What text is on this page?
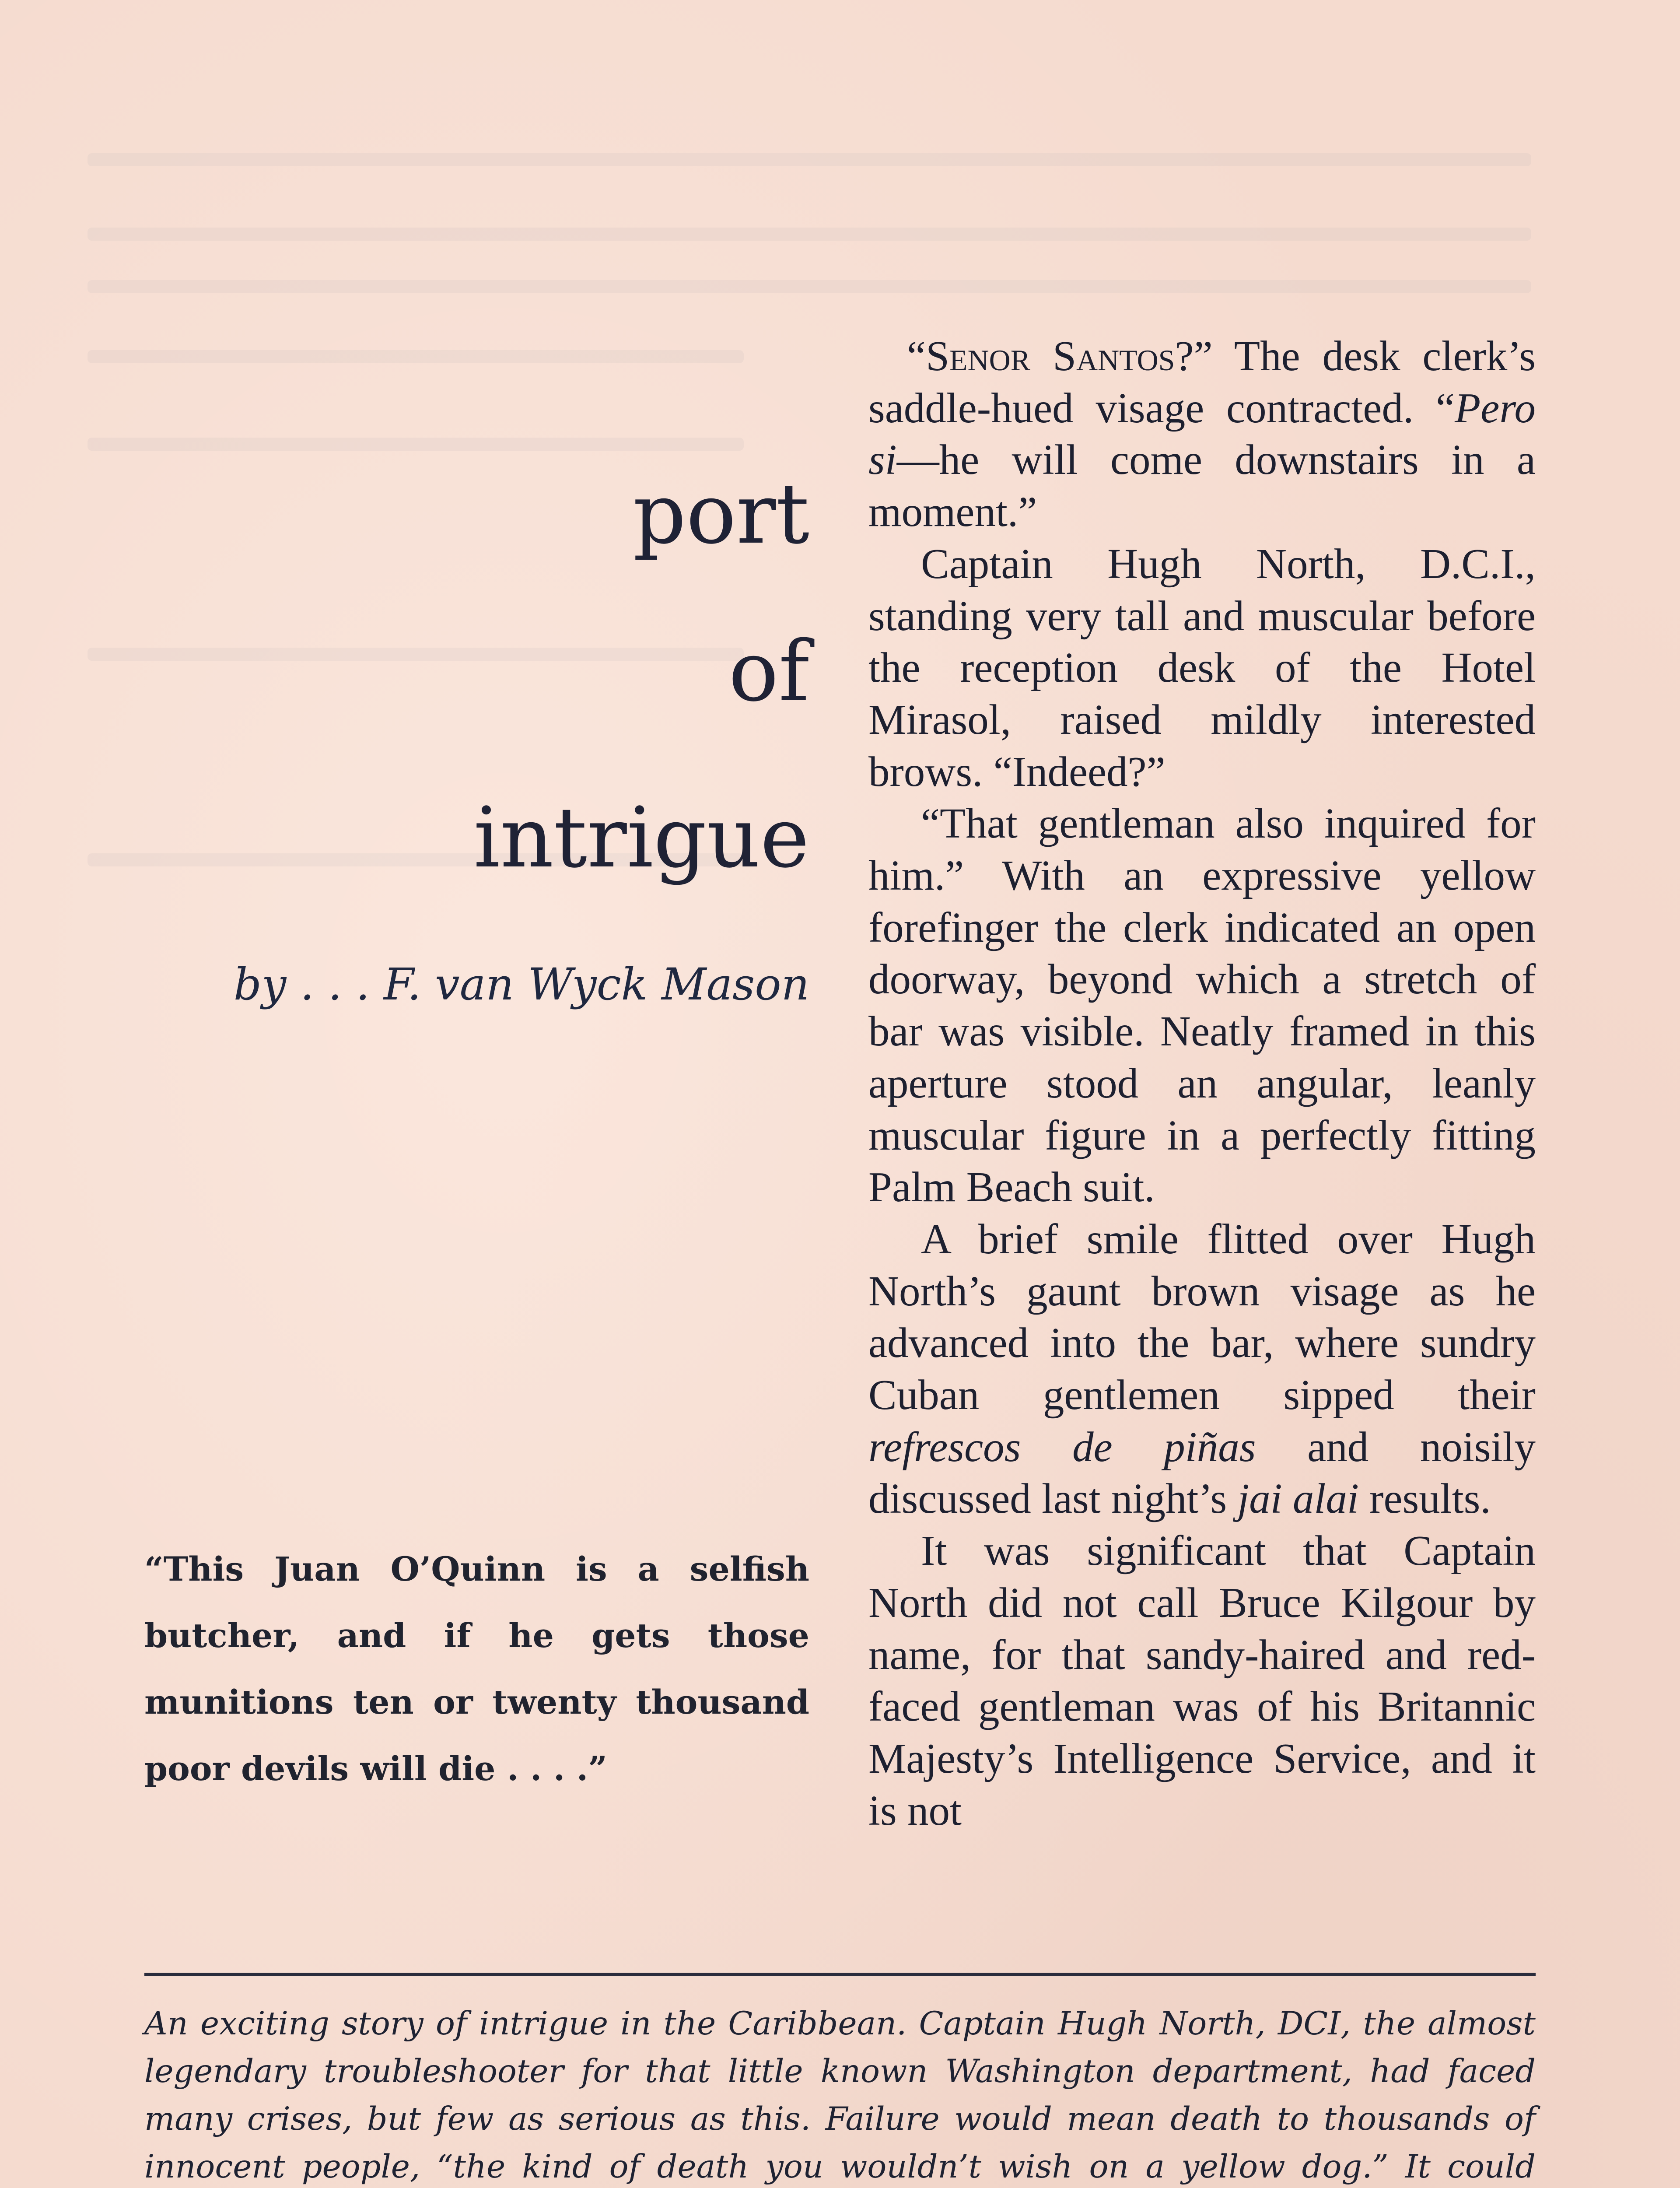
port
of
intrigue
by . . . F. van Wyck Mason
“This Juan O’Quinn is a selfish butcher, and if he gets those munitions ten or twenty thousand poor devils will die . . . .”

“Senor Santos?” The desk clerk’s saddle-hued visage contracted. “Pero si—he will come downstairs in a moment.”

Captain Hugh North, D.C.I., standing very tall and muscular before the reception desk of the Hotel Mirasol, raised mildly interested brows. “Indeed?”

“That gentleman also inquired for him.” With an expressive yellow forefinger the clerk indicated an open doorway, beyond which a stretch of bar was visible. Neatly framed in this aperture stood an angular, leanly muscular figure in a perfectly fitting Palm Beach suit.

A brief smile flitted over Hugh North’s gaunt brown visage as he advanced into the bar, where sundry Cuban gentlemen sipped their refrescos de piñas and noisily discussed last night’s jai alai results.

It was significant that Captain North did not call Bruce Kilgour by name, for that sandy-haired and red-faced gentleman was of his Britannic Majesty’s Intelligence Service, and it is not

An exciting story of intrigue in the Caribbean. Captain Hugh North, DCI, the almost legendary troubleshooter for that little known Washington department, had faced many crises, but few as serious as this. Failure would mean death to thousands of innocent people, “the kind of death you wouldn’t wish on a yellow dog.” It could
